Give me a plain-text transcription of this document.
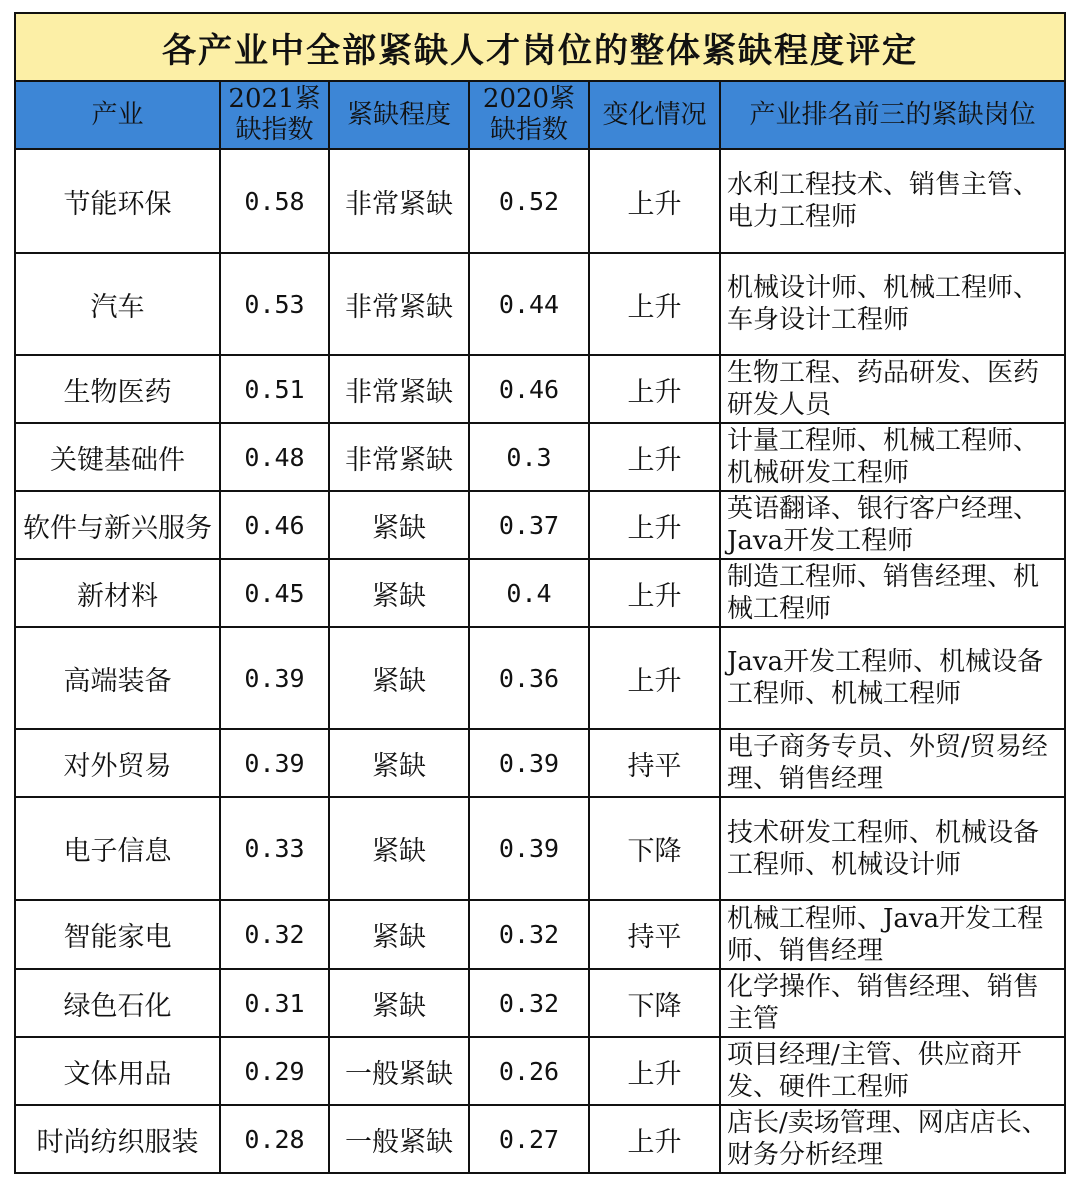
各产业中全部紧缺人才岗位的整体紧缺程度评定					
产业	2021紧缺指数	紧缺程度	2020紧缺指数	变化情况	产业排名前三的紧缺岗位
节能环保	0.58	非常紧缺	0.52	上升	水利工程技术、销售主管、电力工程师
汽车	0.53	非常紧缺	0.44	上升	机械设计师、机械工程师、车身设计工程师
生物医药	0.51	非常紧缺	0.46	上升	生物工程、药品研发、医药研发人员
关键基础件	0.48	非常紧缺	0.3	上升	计量工程师、机械工程师、机械研发工程师
软件与新兴服务	0.46	紧缺	0.37	上升	英语翻译、银行客户经理、Java开发工程师
新材料	0.45	紧缺	0.4	上升	制造工程师、销售经理、机械工程师
高端装备	0.39	紧缺	0.36	上升	Java开发工程师、机械设备工程师、机械工程师
对外贸易	0.39	紧缺	0.39	持平	电子商务专员、外贸/贸易经理、销售经理
电子信息	0.33	紧缺	0.39	下降	技术研发工程师、机械设备工程师、机械设计师
智能家电	0.32	紧缺	0.32	持平	机械工程师、Java开发工程师、销售经理
绿色石化	0.31	紧缺	0.32	下降	化学操作、销售经理、销售主管
文体用品	0.29	一般紧缺	0.26	上升	项目经理/主管、供应商开发、硬件工程师
时尚纺织服装	0.28	一般紧缺	0.27	上升	店长/卖场管理、网店店长、财务分析经理
